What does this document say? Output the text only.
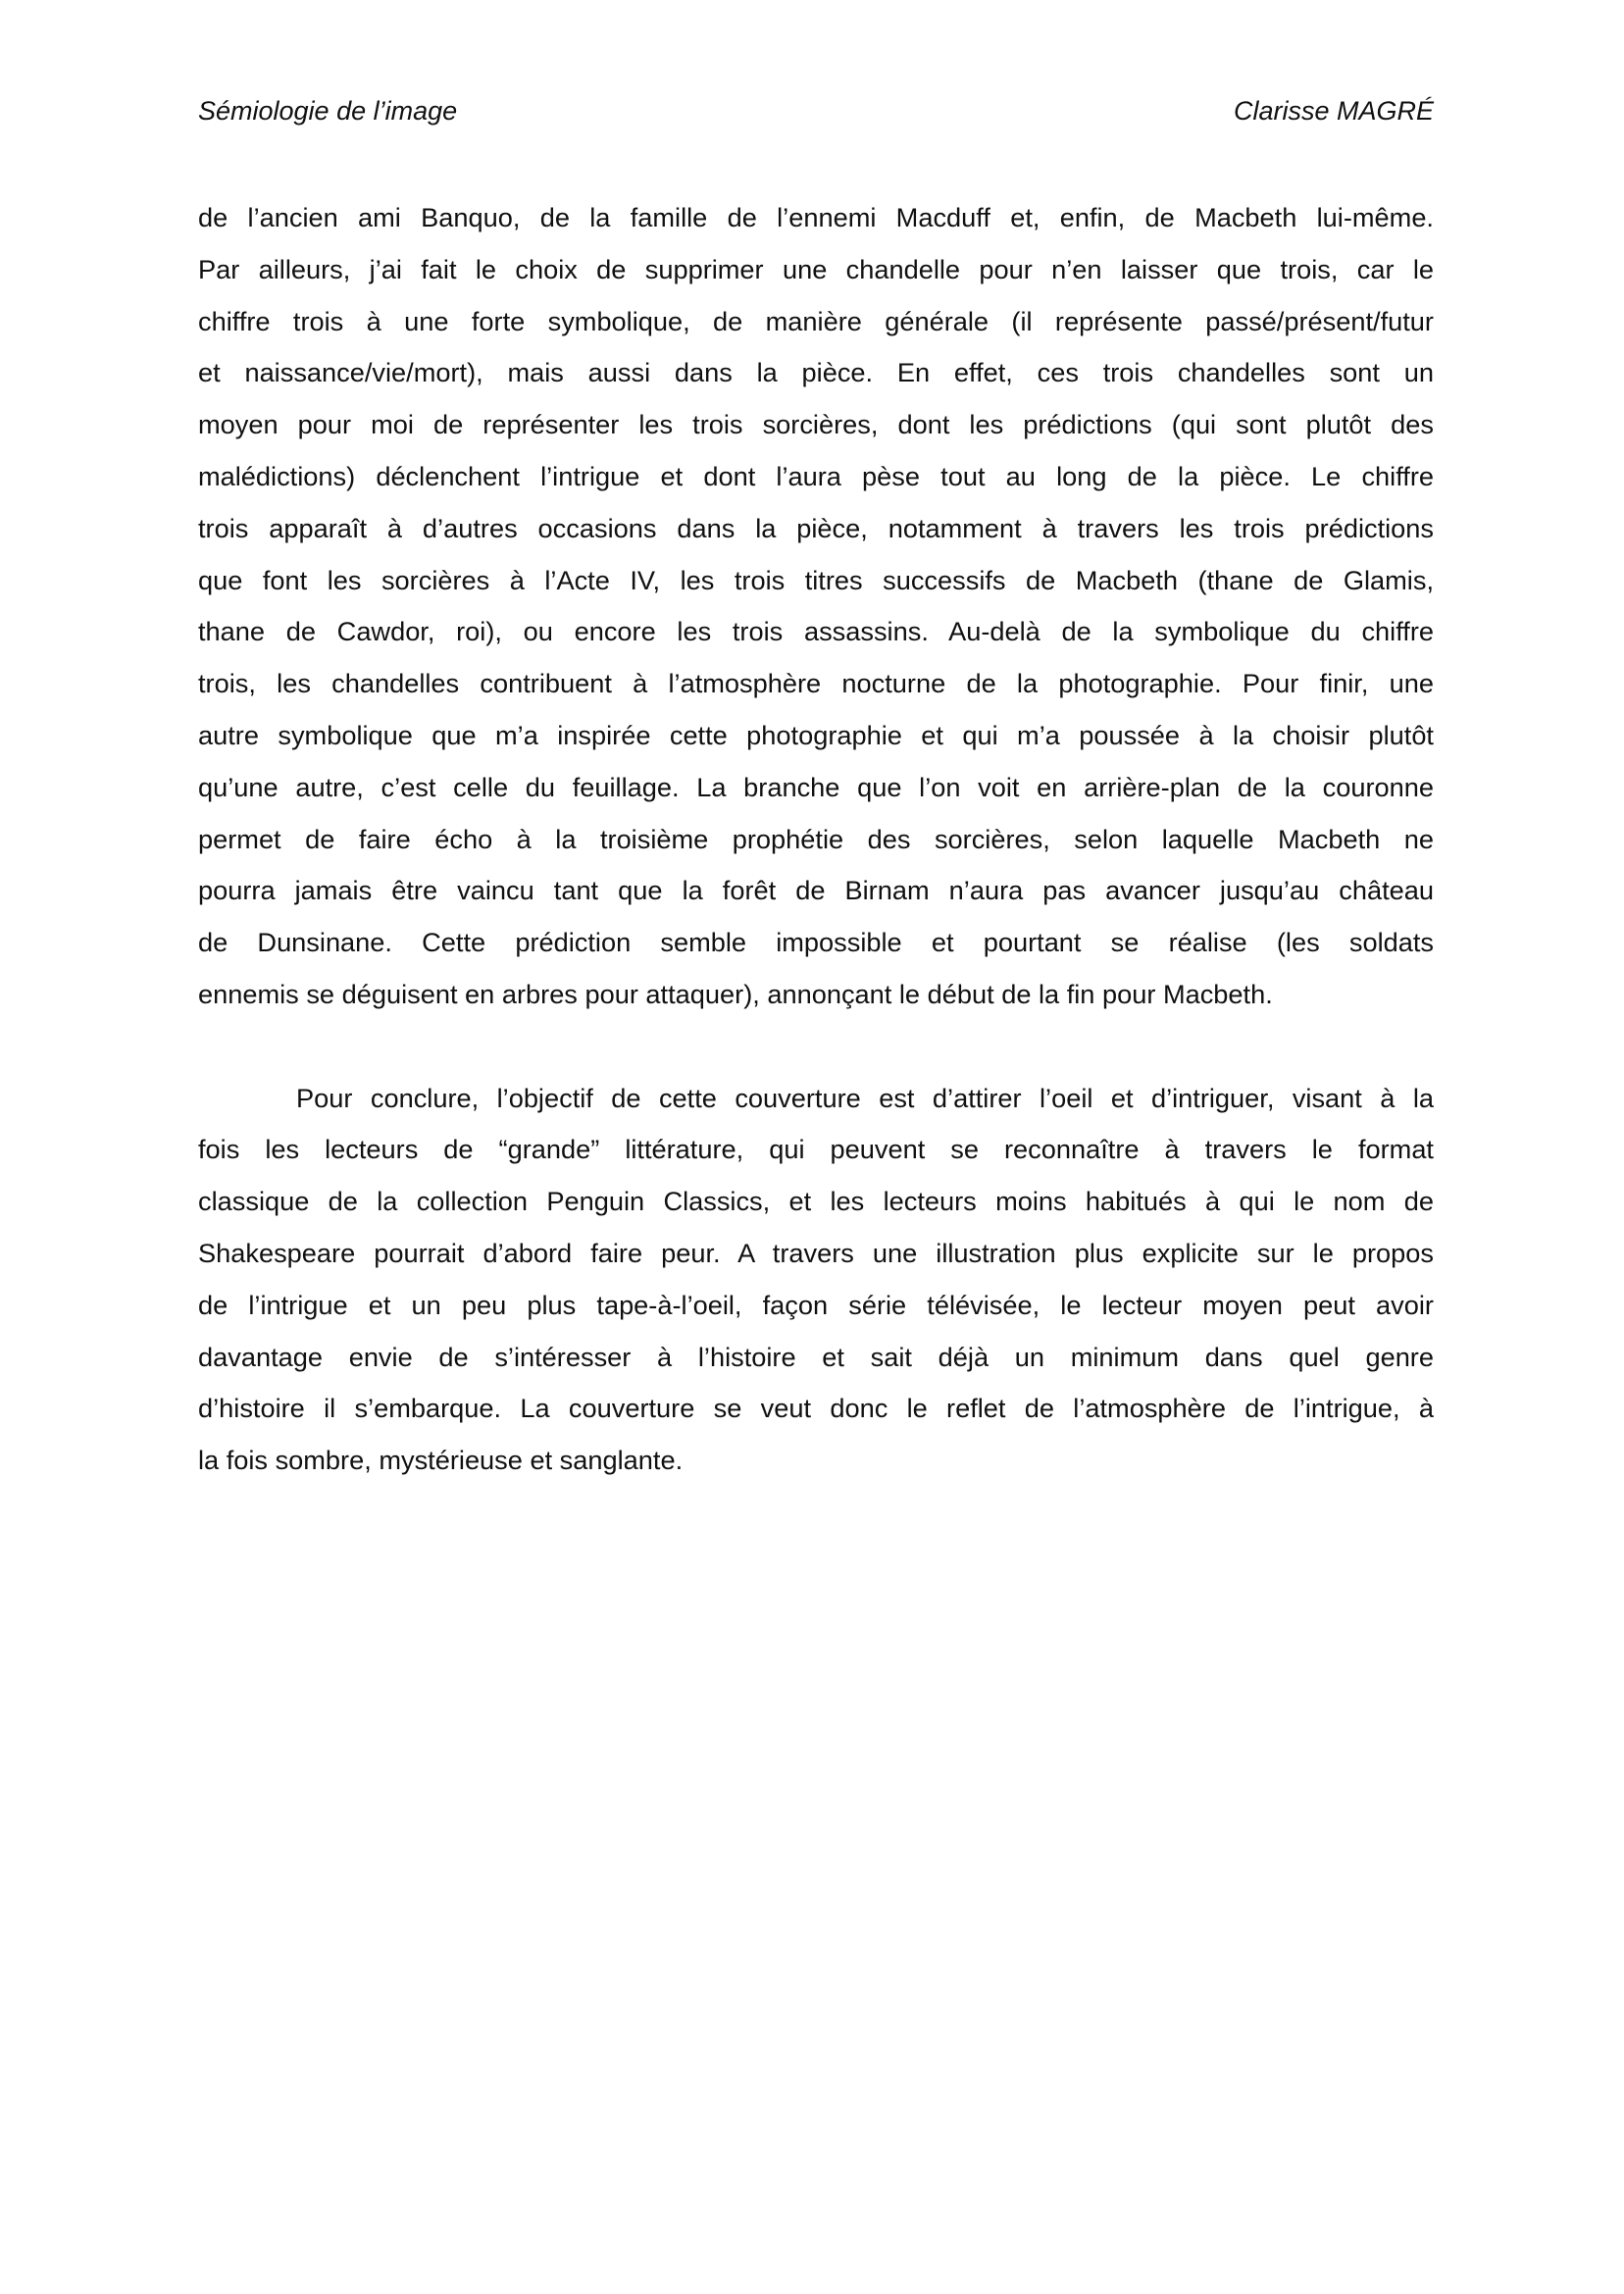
Sémiologie de l’image	Clarisse MAGRÉ
de l’ancien ami Banquo, de la famille de l’ennemi Macduff et, enfin, de Macbeth lui-même.
Par ailleurs, j’ai fait le choix de supprimer une chandelle pour n’en laisser que trois, car le
chiffre trois à une forte symbolique, de manière générale (il représente passé/présent/futur
et naissance/vie/mort), mais aussi dans la pièce. En effet, ces trois chandelles sont un
moyen pour moi de représenter les trois sorcières, dont les prédictions (qui sont plutôt des
malédictions) déclenchent l’intrigue et dont l’aura pèse tout au long de la pièce. Le chiffre
trois apparaît à d’autres occasions dans la pièce, notamment à travers les trois prédictions
que font les sorcières à l’Acte IV, les trois titres successifs de Macbeth (thane de Glamis,
thane de Cawdor, roi), ou encore les trois assassins. Au-delà de la symbolique du chiffre
trois, les chandelles contribuent à l’atmosphère nocturne de la photographie. Pour finir, une
autre symbolique que m’a inspirée cette photographie et qui m’a poussée à la choisir plutôt
qu’une autre, c’est celle du feuillage. La branche que l’on voit en arrière-plan de la couronne
permet de faire écho à la troisième prophétie des sorcières, selon laquelle Macbeth ne
pourra jamais être vaincu tant que la forêt de Birnam n’aura pas avancer jusqu’au château
de Dunsinane. Cette prédiction semble impossible et pourtant se réalise (les soldats
ennemis se déguisent en arbres pour attaquer), annonçant le début de la fin pour Macbeth.
Pour conclure, l’objectif de cette couverture est d’attirer l’oeil et d’intriguer, visant à la
fois les lecteurs de “grande” littérature, qui peuvent se reconnaître à travers le format
classique de la collection Penguin Classics, et les lecteurs moins habitués à qui le nom de
Shakespeare pourrait d’abord faire peur. A travers une illustration plus explicite sur le propos
de l’intrigue et un peu plus tape-à-l’oeil, façon série télévisée, le lecteur moyen peut avoir
davantage envie de s’intéresser à l’histoire et sait déjà un minimum dans quel genre
d’histoire il s’embarque. La couverture se veut donc le reflet de l’atmosphère de l’intrigue, à
la fois sombre, mystérieuse et sanglante.
